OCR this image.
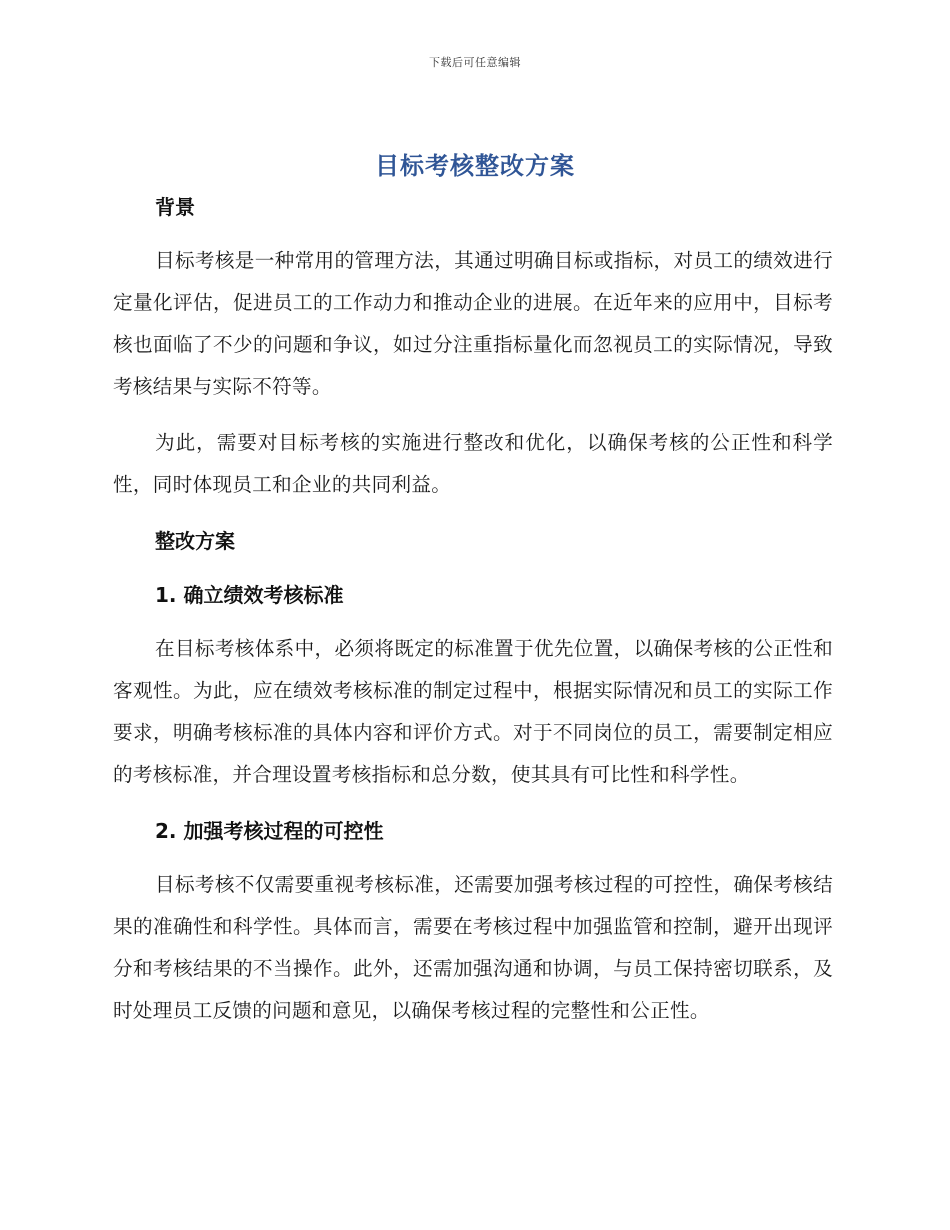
下载后可任意编辑
目标考核整改方案
背景

目标考核是一种常用的管理方法，其通过明确目标或指标，对员工的绩效进行定量化评估，促进员工的工作动力和推动企业的进展。在近年来的应用中，目标考核也面临了不少的问题和争议，如过分注重指标量化而忽视员工的实际情况，导致考核结果与实际不符等。

为此，需要对目标考核的实施进行整改和优化，以确保考核的公正性和科学性，同时体现员工和企业的共同利益。

整改方案
1. 确立绩效考核标准

在目标考核体系中，必须将既定的标准置于优先位置，以确保考核的公正性和客观性。为此，应在绩效考核标准的制定过程中，根据实际情况和员工的实际工作要求，明确考核标准的具体内容和评价方式。对于不同岗位的员工，需要制定相应的考核标准，并合理设置考核指标和总分数，使其具有可比性和科学性。

2. 加强考核过程的可控性

目标考核不仅需要重视考核标准，还需要加强考核过程的可控性，确保考核结果的准确性和科学性。具体而言，需要在考核过程中加强监管和控制，避开出现评分和考核结果的不当操作。此外，还需加强沟通和协调，与员工保持密切联系，及时处理员工反馈的问题和意见，以确保考核过程的完整性和公正性。
